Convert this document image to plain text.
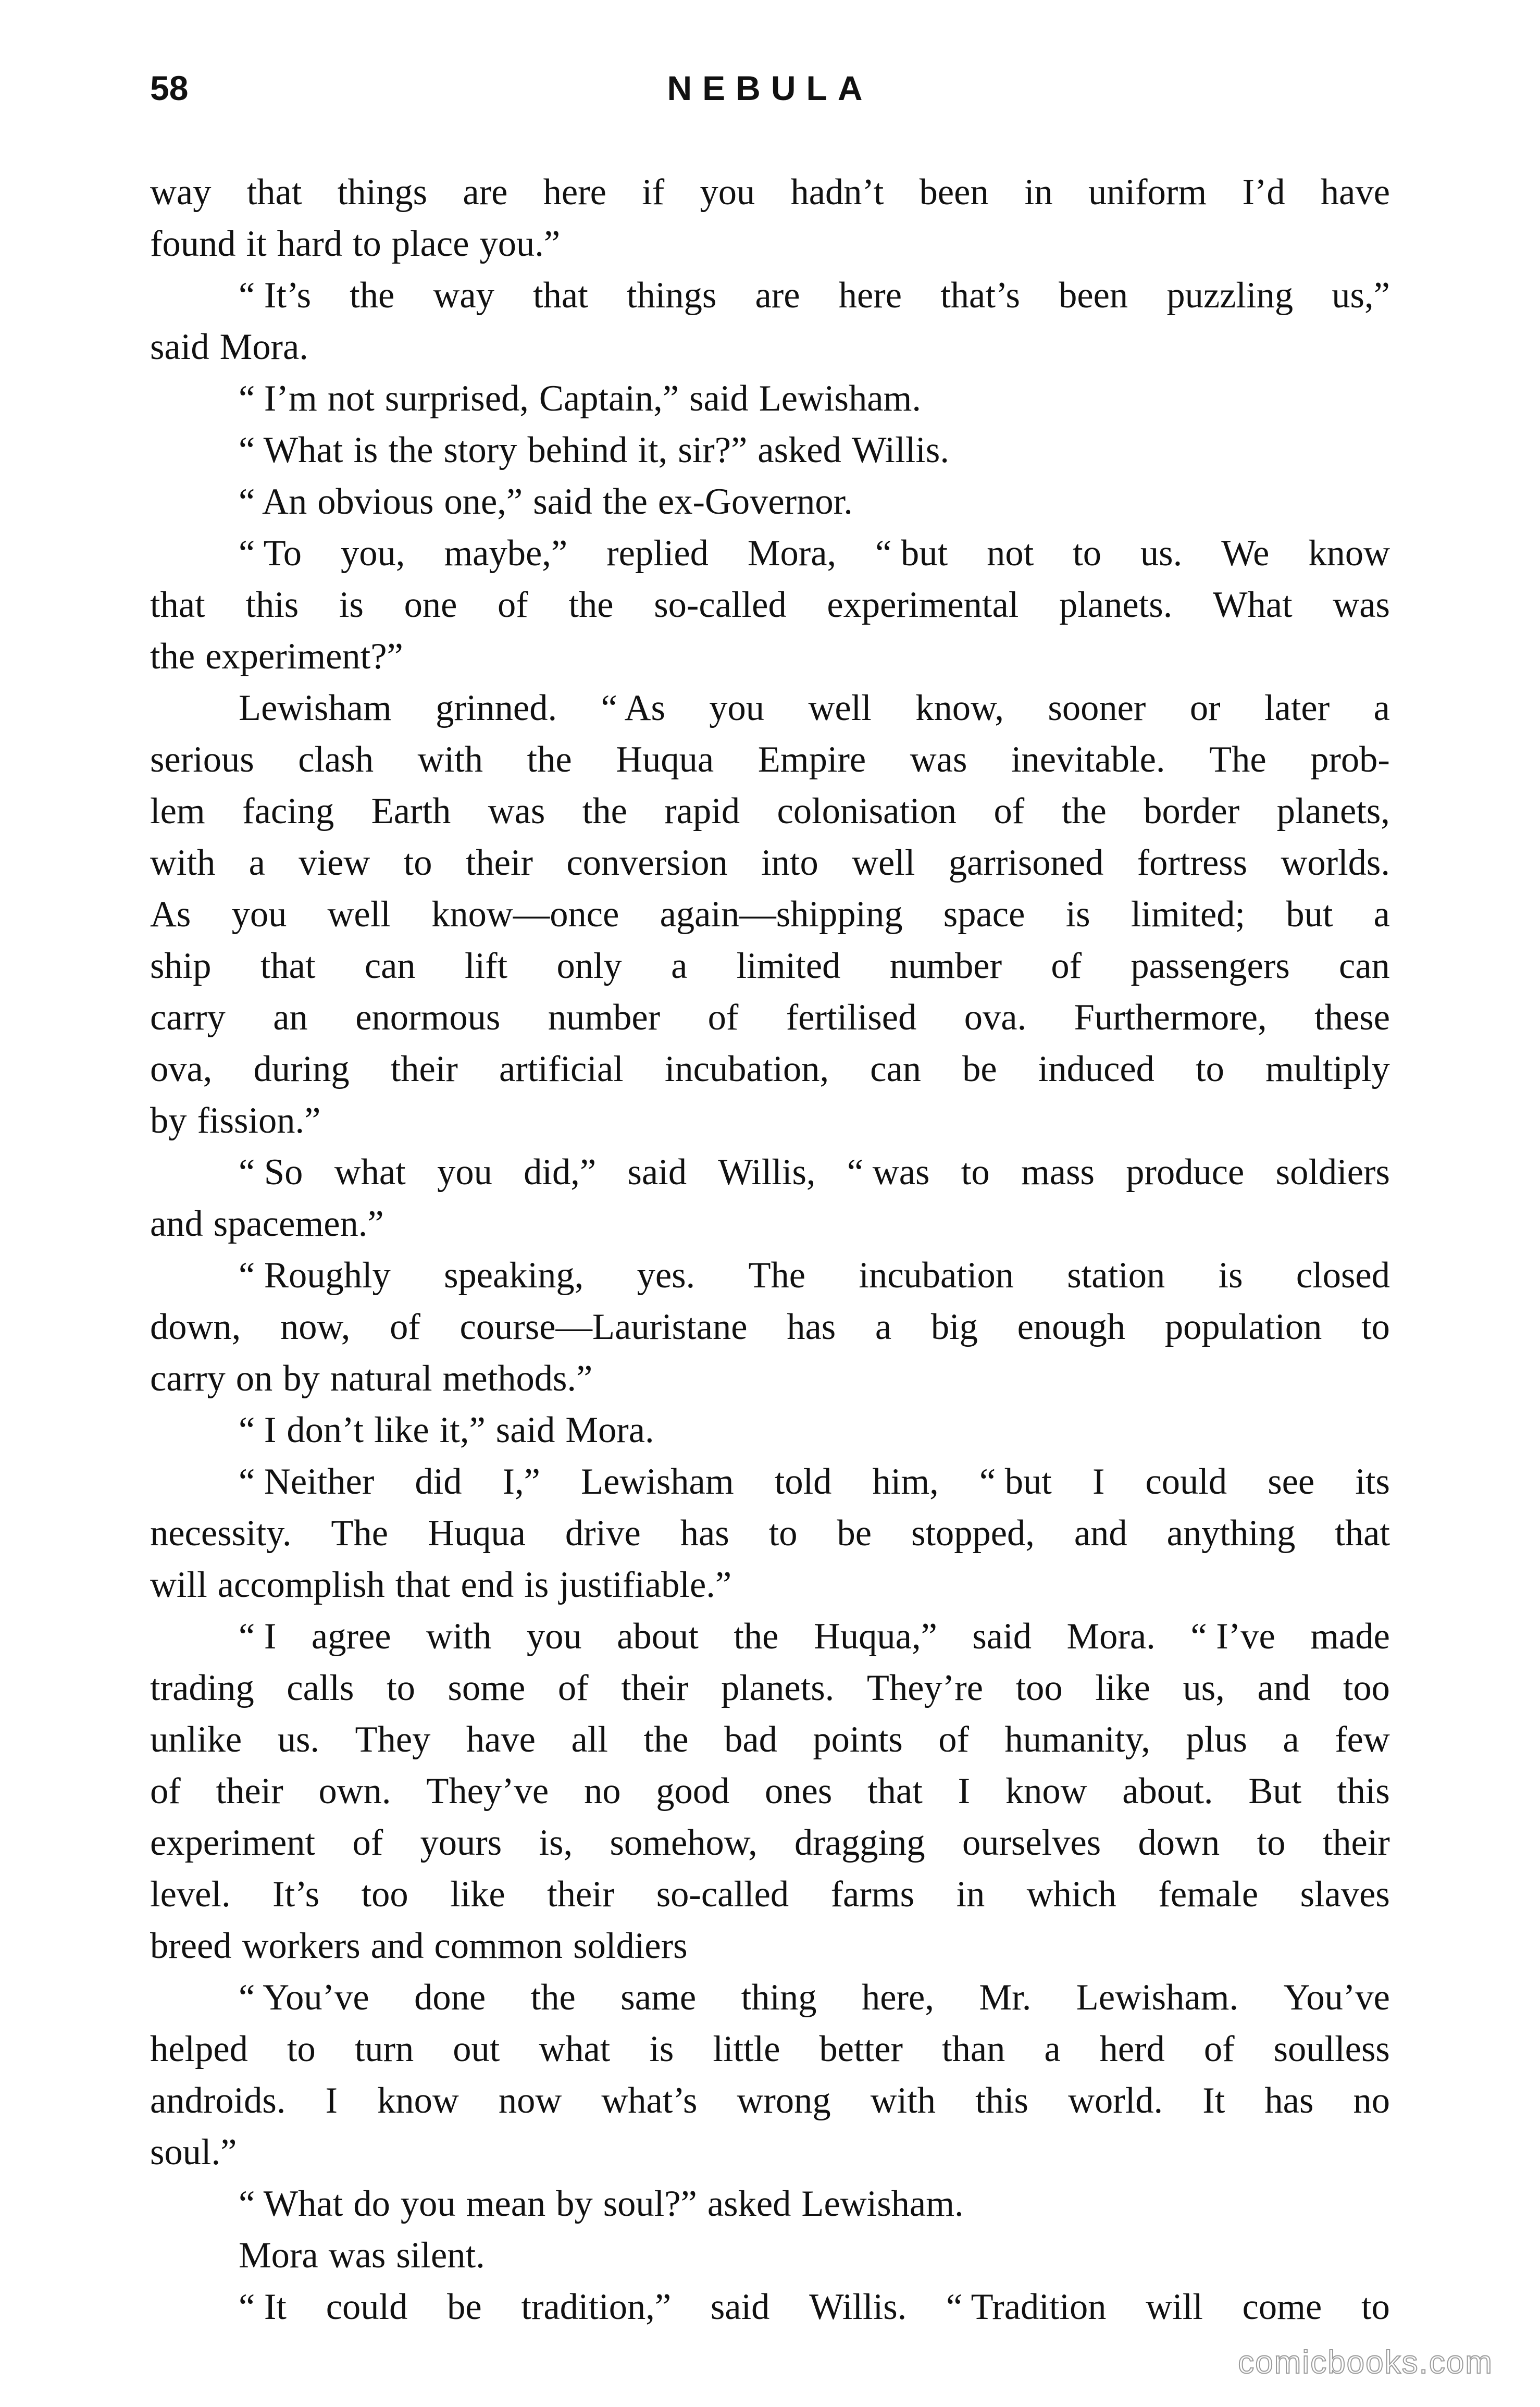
58	NEBULA
way that things are here if you hadn’t been in uniform I’d have
found it hard to place you.”
“ It’s the way that things are here that’s been puzzling us,”
said Mora.
“ I’m not surprised, Captain,” said Lewisham.
“ What is the story behind it, sir?” asked Willis.
“ An obvious one,” said the ex-Governor.
“ To you, maybe,” replied Mora, “ but not to us. We know
that this is one of the so-called experimental planets. What was
the experiment?”
Lewisham grinned. “ As you well know, sooner or later a
serious clash with the Huqua Empire was inevitable. The prob-
lem facing Earth was the rapid colonisation of the border planets,
with a view to their conversion into well garrisoned fortress worlds.
As you well know—once again—shipping space is limited; but a
ship that can lift only a limited number of passengers can
carry an enormous number of fertilised ova. Furthermore, these
ova, during their artificial incubation, can be induced to multiply
by fission.”
“ So what you did,” said Willis, “ was to mass produce soldiers
and spacemen.”
“ Roughly speaking, yes. The incubation station is closed
down, now, of course—Lauristane has a big enough population to
carry on by natural methods.”
“ I don’t like it,” said Mora.
“ Neither did I,” Lewisham told him, “ but I could see its
necessity. The Huqua drive has to be stopped, and anything that
will accomplish that end is justifiable.”
“ I agree with you about the Huqua,” said Mora. “ I’ve made
trading calls to some of their planets. They’re too like us, and too
unlike us. They have all the bad points of humanity, plus a few
of their own. They’ve no good ones that I know about. But this
experiment of yours is, somehow, dragging ourselves down to their
level. It’s too like their so-called farms in which female slaves
breed workers and common soldiers
“ You’ve done the same thing here, Mr. Lewisham. You’ve
helped to turn out what is little better than a herd of soulless
androids. I know now what’s wrong with this world. It has no
soul.”
“ What do you mean by soul?” asked Lewisham.
Mora was silent.
“ It could be tradition,” said Willis. “ Tradition will come to
comicbooks.com
